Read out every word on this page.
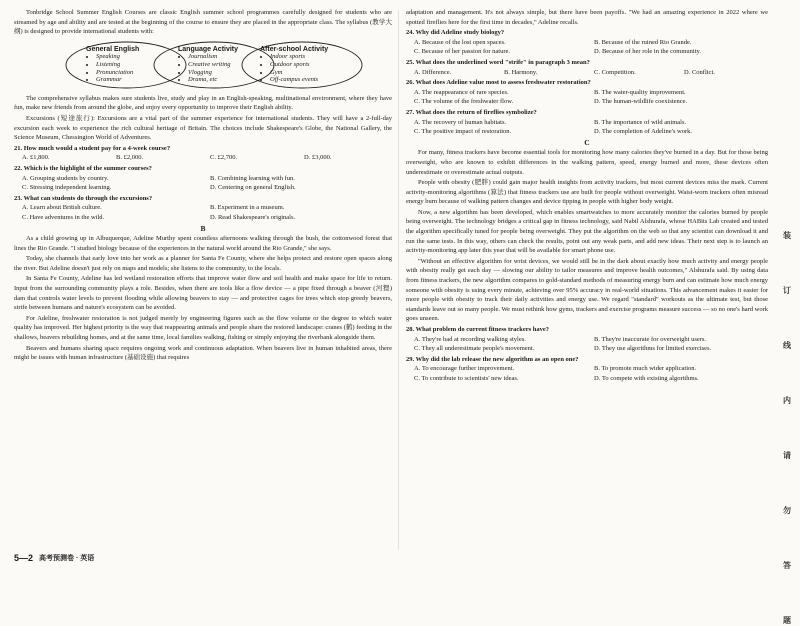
Tonbridge School Summer English Courses are classic English summer school programmes carefully designed for students who are streamed by age and ability and are tested at the beginning of the course to ensure they are placed in the appropriate class. The syllabus (教学大纲) is designed to provide international students with:

General English
• Speaking
• Listening
• Pronunciation
• Grammar
Language Activity
• Journalism
• Creative writing
• Vlogging
• Drama, etc
After-school Activity
• Indoor sports
• Outdoor sports
• Gym
• Off-campus events

The comprehensive syllabus makes sure students live, study and play in an English-speaking, multinational environment, where they have fun, make new friends from around the globe, and enjoy every opportunity to improve their English ability.

Excursions (短途旅行): Excursions are a vital part of the summer experience for international students. They will have a 2-full-day excursion each week to experience the rich cultural heritage of Britain. The choices include Shakespeare's Globe, the National Gallery, the Science Museum, Chessington World of Adventures.

21. How much would a student pay for a 4-week course?
A. £1,800.	B. £2,000.	C. £2,700.	D. £3,000.
22. Which is the highlight of the summer courses?
A. Grouping students by country.	B. Combining learning with fun.
C. Stressing independent learning.	D. Centering on general English.
23. What can students do through the excursions?
A. Learn about British culture.	B. Experiment in a museum.
C. Have adventures in the wild.	D. Read Shakespeare's originals.
B

As a child growing up in Albuquerque, Adeline Murthy spent countless afternoons walking through the bush, the cottonwood forest that lines the Rio Grande. "I studied biology because of the experiences in the natural world around the Rio Grande," she says.

Today, she channels that early love into her work as a planner for Santa Fe County, where she helps protect and restore open spaces along the river. But Adeline doesn't just rely on maps and models; she listens to the community, to the locals.

In Santa Fe County, Adeline has led wetland restoration efforts that improve water flow and soil health and make space for life to return. Input from the surrounding community plays a role. Besides, when there are tools like a flow device — a pipe fixed through a beaver (河狸) dam that controls water levels to prevent flooding while allowing beavers to stay — and protective cages for trees which stop greedy beavers, strife between humans and nature's ecosystem can be avoided.

For Adeline, freshwater restoration is not judged merely by engineering figures such as the flow volume or the degree to which water quality has improved. Her highest priority is the way that reappearing animals and people share the restored landscape: cranes (鹤) feeding in the shallows, beavers rebuilding homes, and at the same time, local families walking, fishing or simply enjoying the riverbank alongside them.

Beavers and humans sharing space requires ongoing work and continuous adaptation. When beavers live in human inhabited areas, there might be issues with human infrastructure (基础设施) that requires

adaptation and management. It's not always simple, but there have been payoffs. "We had an amazing experience in 2022 where we spotted fireflies here for the first time in decades," Adeline recalls.

24. Why did Adeline study biology?
A. Because of the lost open spaces.	B. Because of the ruined Rio Grande.
C. Because of her passion for nature.	D. Because of her role in the community.
25. What does the underlined word "strife" in paragraph 3 mean?
A. Difference.	B. Harmony.	C. Competition.	D. Conflict.
26. What does Adeline value most to assess freshwater restoration?
A. The reappearance of rare species.	B. The water-quality improvement.
C. The volume of the freshwater flow.	D. The human-wildlife coexistence.
27. What does the return of fireflies symbolize?
A. The recovery of human habitats.	B. The importance of wild animals.
C. The positive impact of restoration.	D. The completion of Adeline's work.
C

For many, fitness trackers have become essential tools for monitoring how many calories they've burned in a day. But for those being overweight, who are known to exhibit differences in the walking pattern, speed, energy burned and more, these devices often underestimate or overestimate actual outputs.

People with obesity (肥胖) could gain major health insights from activity trackers, but most current devices miss the mark. Current activity-monitoring algorithms (算法) that fitness trackers use are built for people without overweight. Waist-worn trackers often misread energy burn because of walking pattern changes and device tipping in people with higher body weight.

Now, a new algorithm has been developed, which enables smartwatches to more accurately monitor the calories burned by people being overweight. The technology bridges a critical gap in fitness technology, said Nabil Alshurafa, whose HABits Lab created and tested the algorithm specifically tuned for people being overweight. They put the algorithm on the web so that any scientist can download it and run the same tests. In this way, others can check the results, point out any weak parts, and add new ideas. Their next step is to launch an activity-monitoring app later this year that will be available for smart phone use.

"Without an effective algorithm for wrist devices, we would still be in the dark about exactly how much activity and energy people with obesity really get each day — slowing our ability to tailor measures and improve health outcomes," Alshurafa said. By using data from fitness trackers, the new algorithm compares to gold-standard methods of measuring energy burn and can estimate how much energy someone with obesity is using every minute, achieving over 95% accuracy in real-world situations. This advancement makes it easier for more people with obesity to track their daily activities and energy use. We regard "standard" workouts as the ultimate test, but those standards leave out so many people. We must rethink how gyms, trackers and exercise programs measure success — so no one's hard work goes unseen.

28. What problem do current fitness trackers have?
A. They're bad at recording walking styles.	B. They're inaccurate for overweight users.
C. They all underestimate people's movement.	D. They use algorithms for limited exercises.
29. Why did the lab release the new algorithm as an open one?
A. To encourage further improvement.	B. To promote much wider application.
C. To contribute to scientists' new ideas.	D. To compete with existing algorithms.
装
订
线
内
请
勿
答
题
5—2 高考预测卷 · 英语
